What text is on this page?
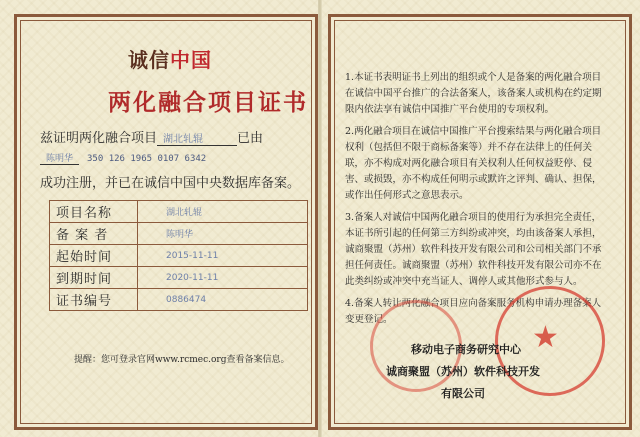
诚信中国
两化融合项目证书
兹证明两化融合项目 湖北轧辊	已由
陈明华 350 126 1965 0107 6342
成功注册，并已在诚信中国中央数据库备案。
项目名称	湖北轧辊
备 案 者	陈明华
起始时间	2015-11-11
到期时间	2020-11-11
证书编号	0886474
提醒：您可登录官网www.rcmec.org查看备案信息。

1.本证书表明证书上列出的组织或个人是备案的两化融合项目在诚信中国平台推广的合法备案人，该备案人或机构在约定期限内依法享有诚信中国推广平台使用的专项权利。

2.两化融合项目在诚信中国推广平台搜索结果与两化融合项目权利（包括但不限于商标备案等）并不存在法律上的任何关联，亦不构成对两化融合项目有关权利人任何权益贬停、侵害、或损毁，亦不构成任何明示或默许之评判、确认、担保，或作出任何形式之意思表示。

3.备案人对诚信中国两化融合项目的使用行为承担完全责任，本证书所引起的任何第三方纠纷或冲突，均由该备案人承担，诚商聚盟（苏州）软件科技开发有限公司和公司相关部门不承担任何责任。诚商聚盟（苏州）软件科技开发有限公司亦不在此类纠纷或冲突中充当证人、调停人或其他形式参与人。

4.备案人转让两化融合项目应向备案服务机构申请办理备案人变更登记。

★
移动电子商务研究中心
诚商聚盟（苏州）软件科技开发有限公司
